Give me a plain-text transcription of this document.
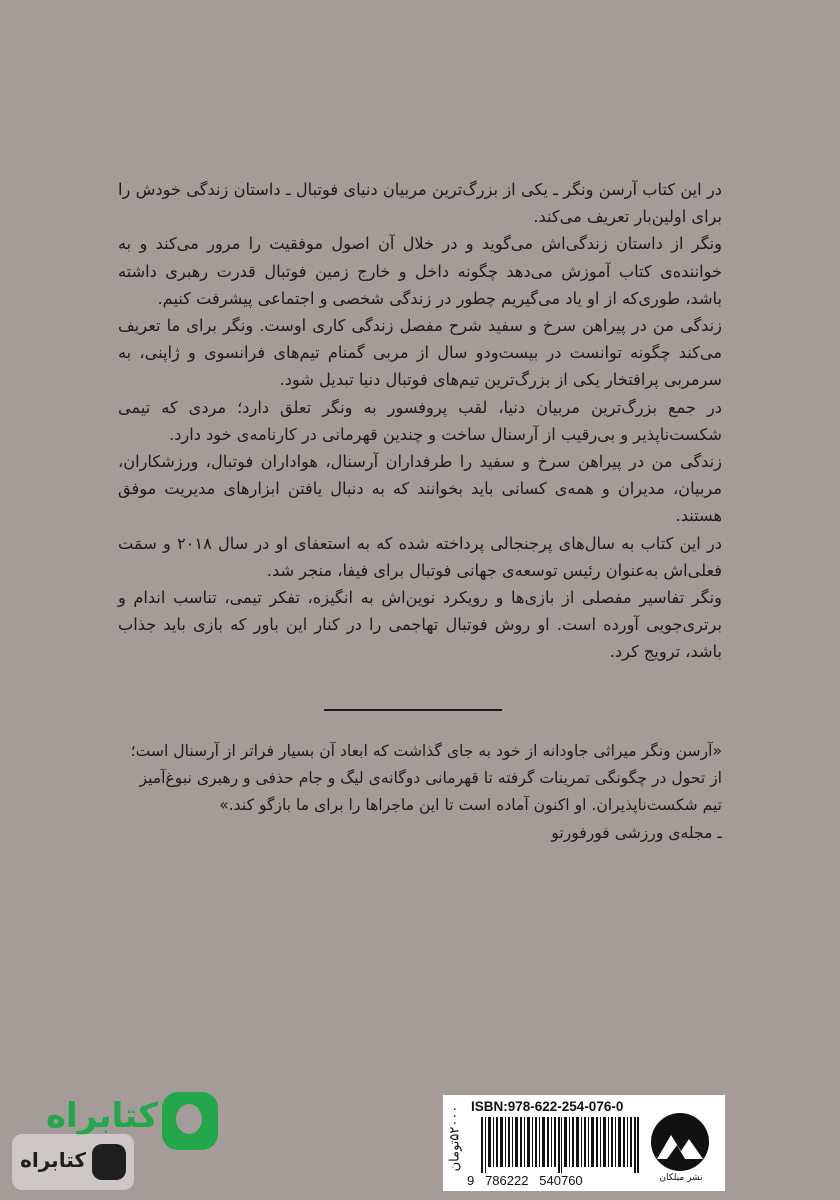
در این کتاب آرسن ونگر ـ یکی از بزرگ‌ترین مربیان دنیای فوتبال ـ داستان زندگی خودش را برای اولین‌بار تعریف می‌کند.

ونگر از داستان زندگی‌اش می‌گوید و در خلال آن اصول موفقیت را مرور می‌کند و به خواننده‌ی کتاب آموزش می‌دهد چگونه داخل و خارج زمین فوتبال قدرت رهبری داشته باشد، طوری‌که از او یاد می‌گیریم چطور در زندگی شخصی و اجتماعی پیشرفت کنیم.

زندگی من در پیراهن سرخ و سفید شرح مفصل زندگی کاری اوست. ونگر برای ما تعریف می‌کند چگونه توانست در بیست‌ودو سال از مربی گمنام تیم‌های فرانسوی و ژاپنی، به سرمربی پرافتخار یکی از بزرگ‌ترین تیم‌های فوتبال دنیا تبدیل شود.

در جمع بزرگ‌ترین مربیان دنیا، لقب پروفسور به ونگر تعلق دارد؛ مردی که تیمی شکست‌ناپذیر و بی‌رقیب از آرسنال ساخت و چندین قهرمانی در کارنامه‌ی خود دارد.

زندگی من در پیراهن سرخ و سفید را طرفداران آرسنال، هواداران فوتبال، ورزشکاران، مربیان، مدیران و همه‌ی کسانی باید بخوانند که به دنبال یافتن ابزارهای مدیریت موفق هستند.

در این کتاب به سال‌های پرجنجالی پرداخته شده که به استعفای او در سال ۲۰۱۸ و سمَت فعلی‌اش به‌عنوان رئیس توسعه‌ی جهانی فوتبال برای فیفا، منجر شد.

ونگر تفاسیر مفصلی از بازی‌ها و رویکرد نوین‌اش به انگیزه، تفکر تیمی، تناسب اندام و برتری‌جویی آورده است. او روش فوتبال تهاجمی را در کنار این باور که بازی باید جذاب باشد، ترویج کرد.

«آرسن ونگر میراثی جاودانه از خود به جای گذاشت که ابعاد آن بسیار فراتر از آرسنال است؛

از تحول در چگونگی تمرینات گرفته تا قهرمانی دوگانه‌ی لیگ و جام حذفی و رهبری نبوغ‌آمیز

تیم شکست‌ناپذیران. او اکنون آماده است تا این ماجراها را برای ما بازگو کند.»

ـ مجله‌ی ورزشی فورفورتو

کتابراه
کتابراه	۵۲۰۰۰تومان ISBN:978-622-254-076-0
9   786222   540760	نشر میلکان
